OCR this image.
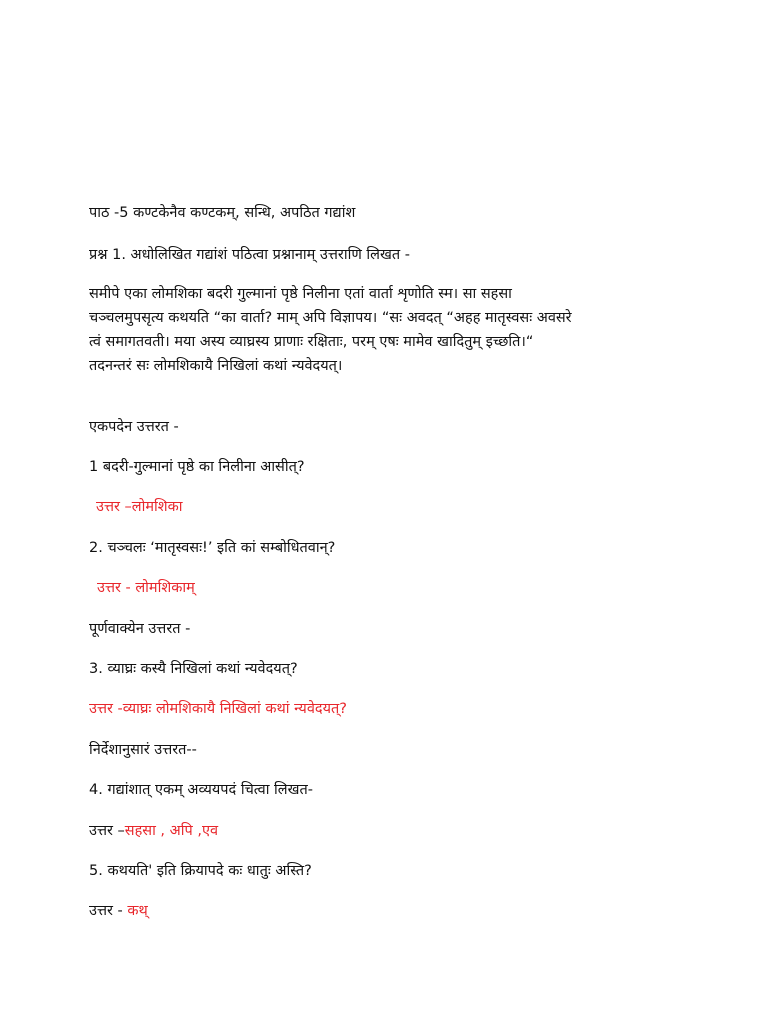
पाठ -5 कण्टकेनैव कण्टकम्, सन्धि, अपठित गद्यांश
प्रश्न 1. अधोलिखित गद्यांशं पठित्वा प्रश्नानाम् उत्तराणि लिखत -
समीपे एका लोमशिका बदरी गुल्मानां पृष्ठे निलीना एतां वार्ता शृणोति स्म। सा सहसा
चञ्चलमुपसृत्य कथयति “का वार्ता? माम् अपि विज्ञापय। “सः अवदत् “अहह मातृस्वसः अवसरे
त्वं समागतवती। मया अस्य व्याघ्रस्य प्राणाः रक्षिताः, परम् एषः मामेव खादितुम् इच्छति।“
तदनन्तरं सः लोमशिकायै निखिलां कथां न्यवेदयत्।
एकपदेन उत्तरत -
1 बदरी-गुल्मानां पृष्ठे का निलीना आसीत्?
उत्तर –लोमशिका
2. चञ्चलः ‘मातृस्वसः!’ इति कां सम्बोधितवान्?
उत्तर - लोमशिकाम्
पूर्णवाक्येन उत्तरत -
3. व्याघ्रः कस्यै निखिलां कथां न्यवेदयत्?
उत्तर -व्याघ्रः लोमशिकायै निखिलां कथां न्यवेदयत्?
निर्देशानुसारं उत्तरत--
4. गद्यांशात् एकम् अव्ययपदं चित्वा लिखत-
उत्तर –सहसा , अपि ,एव
5. कथयति' इति क्रियापदे कः धातुः अस्ति?
उत्तर - कथ्
